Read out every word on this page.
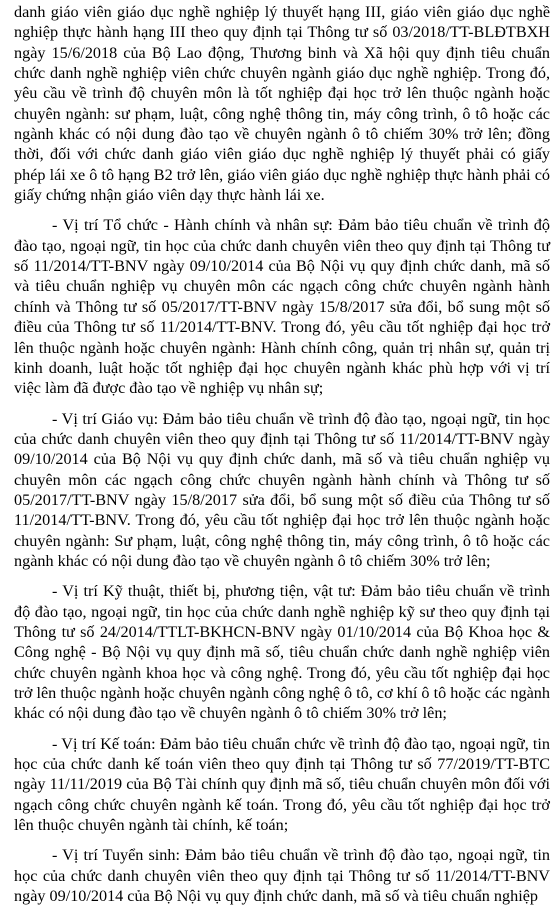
danh giáo viên giáo dục nghề nghiệp lý thuyết hạng III, giáo viên giáo dục nghề nghiệp thực hành hạng III theo quy định tại Thông tư số 03/2018/TT-BLĐTBXH ngày 15/6/2018 của Bộ Lao động, Thương binh và Xã hội quy định tiêu chuẩn chức danh nghề nghiệp viên chức chuyên ngành giáo dục nghề nghiệp. Trong đó, yêu cầu về trình độ chuyên môn là tốt nghiệp đại học trở lên thuộc ngành hoặc chuyên ngành: sư phạm, luật, công nghệ thông tin, máy công trình, ô tô hoặc các ngành khác có nội dung đào tạo về chuyên ngành ô tô chiếm 30% trở lên; đồng thời, đối với chức danh giáo viên giáo dục nghề nghiệp lý thuyết phải có giấy phép lái xe ô tô hạng B2 trở lên, giáo viên giáo dục nghề nghiệp thực hành phải có giấy chứng nhận giáo viên dạy thực hành lái xe.

- Vị trí Tổ chức - Hành chính và nhân sự: Đảm bảo tiêu chuẩn về trình độ đào tạo, ngoại ngữ, tin học của chức danh chuyên viên theo quy định tại Thông tư số 11/2014/TT-BNV ngày 09/10/2014 của Bộ Nội vụ quy định chức danh, mã số và tiêu chuẩn nghiệp vụ chuyên môn các ngạch công chức chuyên ngành hành chính và Thông tư số 05/2017/TT-BNV ngày 15/8/2017 sửa đổi, bổ sung một số điều của Thông tư số 11/2014/TT-BNV. Trong đó, yêu cầu tốt nghiệp đại học trở lên thuộc ngành hoặc chuyên ngành: Hành chính công, quản trị nhân sự, quản trị kinh doanh, luật hoặc tốt nghiệp đại học chuyên ngành khác phù hợp với vị trí việc làm đã được đào tạo về nghiệp vụ nhân sự;

- Vị trí Giáo vụ: Đảm bảo tiêu chuẩn về trình độ đào tạo, ngoại ngữ, tin học của chức danh chuyên viên theo quy định tại Thông tư số 11/2014/TT-BNV ngày 09/10/2014 của Bộ Nội vụ quy định chức danh, mã số và tiêu chuẩn nghiệp vụ chuyên môn các ngạch công chức chuyên ngành hành chính và Thông tư số 05/2017/TT-BNV ngày 15/8/2017 sửa đổi, bổ sung một số điều của Thông tư số 11/2014/TT-BNV. Trong đó, yêu cầu tốt nghiệp đại học trở lên thuộc ngành hoặc chuyên ngành: Sư phạm, luật, công nghệ thông tin, máy công trình, ô tô hoặc các ngành khác có nội dung đào tạo về chuyên ngành ô tô chiếm 30% trở lên;

- Vị trí Kỹ thuật, thiết bị, phương tiện, vật tư: Đảm bảo tiêu chuẩn về trình độ đào tạo, ngoại ngữ, tin học của chức danh nghề nghiệp kỹ sư theo quy định tại Thông tư số 24/2014/TTLT-BKHCN-BNV ngày 01/10/2014 của Bộ Khoa học & Công nghệ - Bộ Nội vụ quy định mã số, tiêu chuẩn chức danh nghề nghiệp viên chức chuyên ngành khoa học và công nghệ. Trong đó, yêu cầu tốt nghiệp đại học trở lên thuộc ngành hoặc chuyên ngành công nghệ ô tô, cơ khí ô tô hoặc các ngành khác có nội dung đào tạo về chuyên ngành ô tô chiếm 30% trở lên;

- Vị trí Kế toán: Đảm bảo tiêu chuẩn chức về trình độ đào tạo, ngoại ngữ, tin học của chức danh kế toán viên theo quy định tại Thông tư số 77/2019/TT-BTC ngày 11/11/2019 của Bộ Tài chính quy định mã số, tiêu chuẩn chuyên môn đối với ngạch công chức chuyên ngành kế toán. Trong đó, yêu cầu tốt nghiệp đại học trở lên thuộc chuyên ngành tài chính, kế toán;

- Vị trí Tuyển sinh: Đảm bảo tiêu chuẩn về trình độ đào tạo, ngoại ngữ, tin học của chức danh chuyên viên theo quy định tại Thông tư số 11/2014/TT-BNV ngày 09/10/2014 của Bộ Nội vụ quy định chức danh, mã số và tiêu chuẩn nghiệp
